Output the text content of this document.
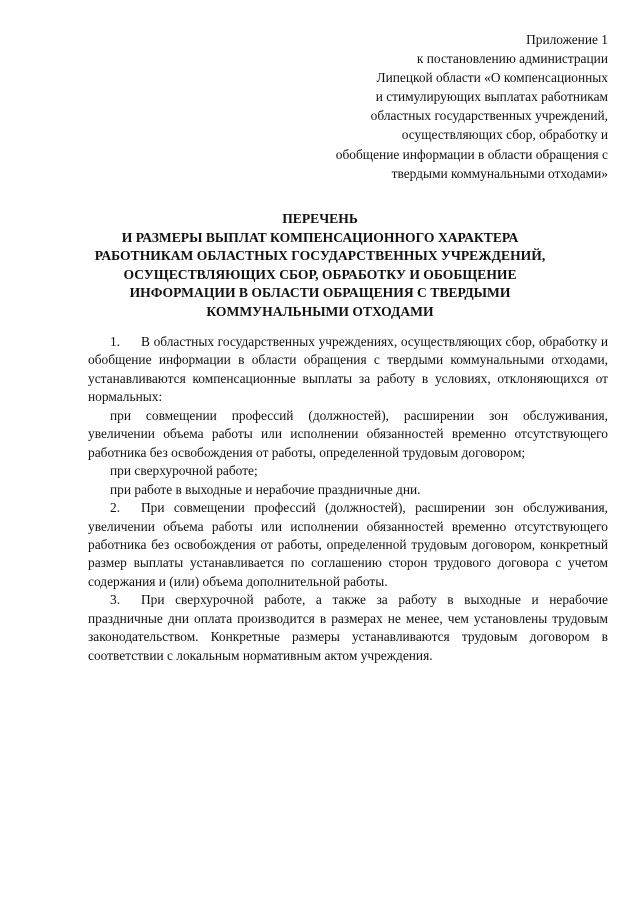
Приложение 1
к постановлению администрации
Липецкой области «О компенсационных
и стимулирующих выплатах работникам
областных государственных учреждений,
осуществляющих сбор, обработку и
обобщение информации в области обращения с
твердыми коммунальными отходами»
ПЕРЕЧЕНЬ
И РАЗМЕРЫ ВЫПЛАТ КОМПЕНСАЦИОННОГО ХАРАКТЕРА
РАБОТНИКАМ ОБЛАСТНЫХ ГОСУДАРСТВЕННЫХ УЧРЕЖДЕНИЙ,
ОСУЩЕСТВЛЯЮЩИХ СБОР, ОБРАБОТКУ И ОБОБЩЕНИЕ
ИНФОРМАЦИИ В ОБЛАСТИ ОБРАЩЕНИЯ С ТВЕРДЫМИ
КОММУНАЛЬНЫМИ ОТХОДАМИ

1. В областных государственных учреждениях, осуществляющих сбор, обработку и обобщение информации в области обращения с твердыми коммунальными отходами, устанавливаются компенсационные выплаты за работу в условиях, отклоняющихся от нормальных:

при совмещении профессий (должностей), расширении зон обслуживания, увеличении объема работы или исполнении обязанностей временно отсутствующего работника без освобождения от работы, определенной трудовым договором;

при сверхурочной работе;

при работе в выходные и нерабочие праздничные дни.

2. При совмещении профессий (должностей), расширении зон обслуживания, увеличении объема работы или исполнении обязанностей временно отсутствующего работника без освобождения от работы, определенной трудовым договором, конкретный размер выплаты устанавливается по соглашению сторон трудового договора с учетом содержания и (или) объема дополнительной работы.

3. При сверхурочной работе, а также за работу в выходные и нерабочие праздничные дни оплата производится в размерах не менее, чем установлены трудовым законодательством. Конкретные размеры устанавливаются трудовым договором в соответствии с локальным нормативным актом учреждения.
